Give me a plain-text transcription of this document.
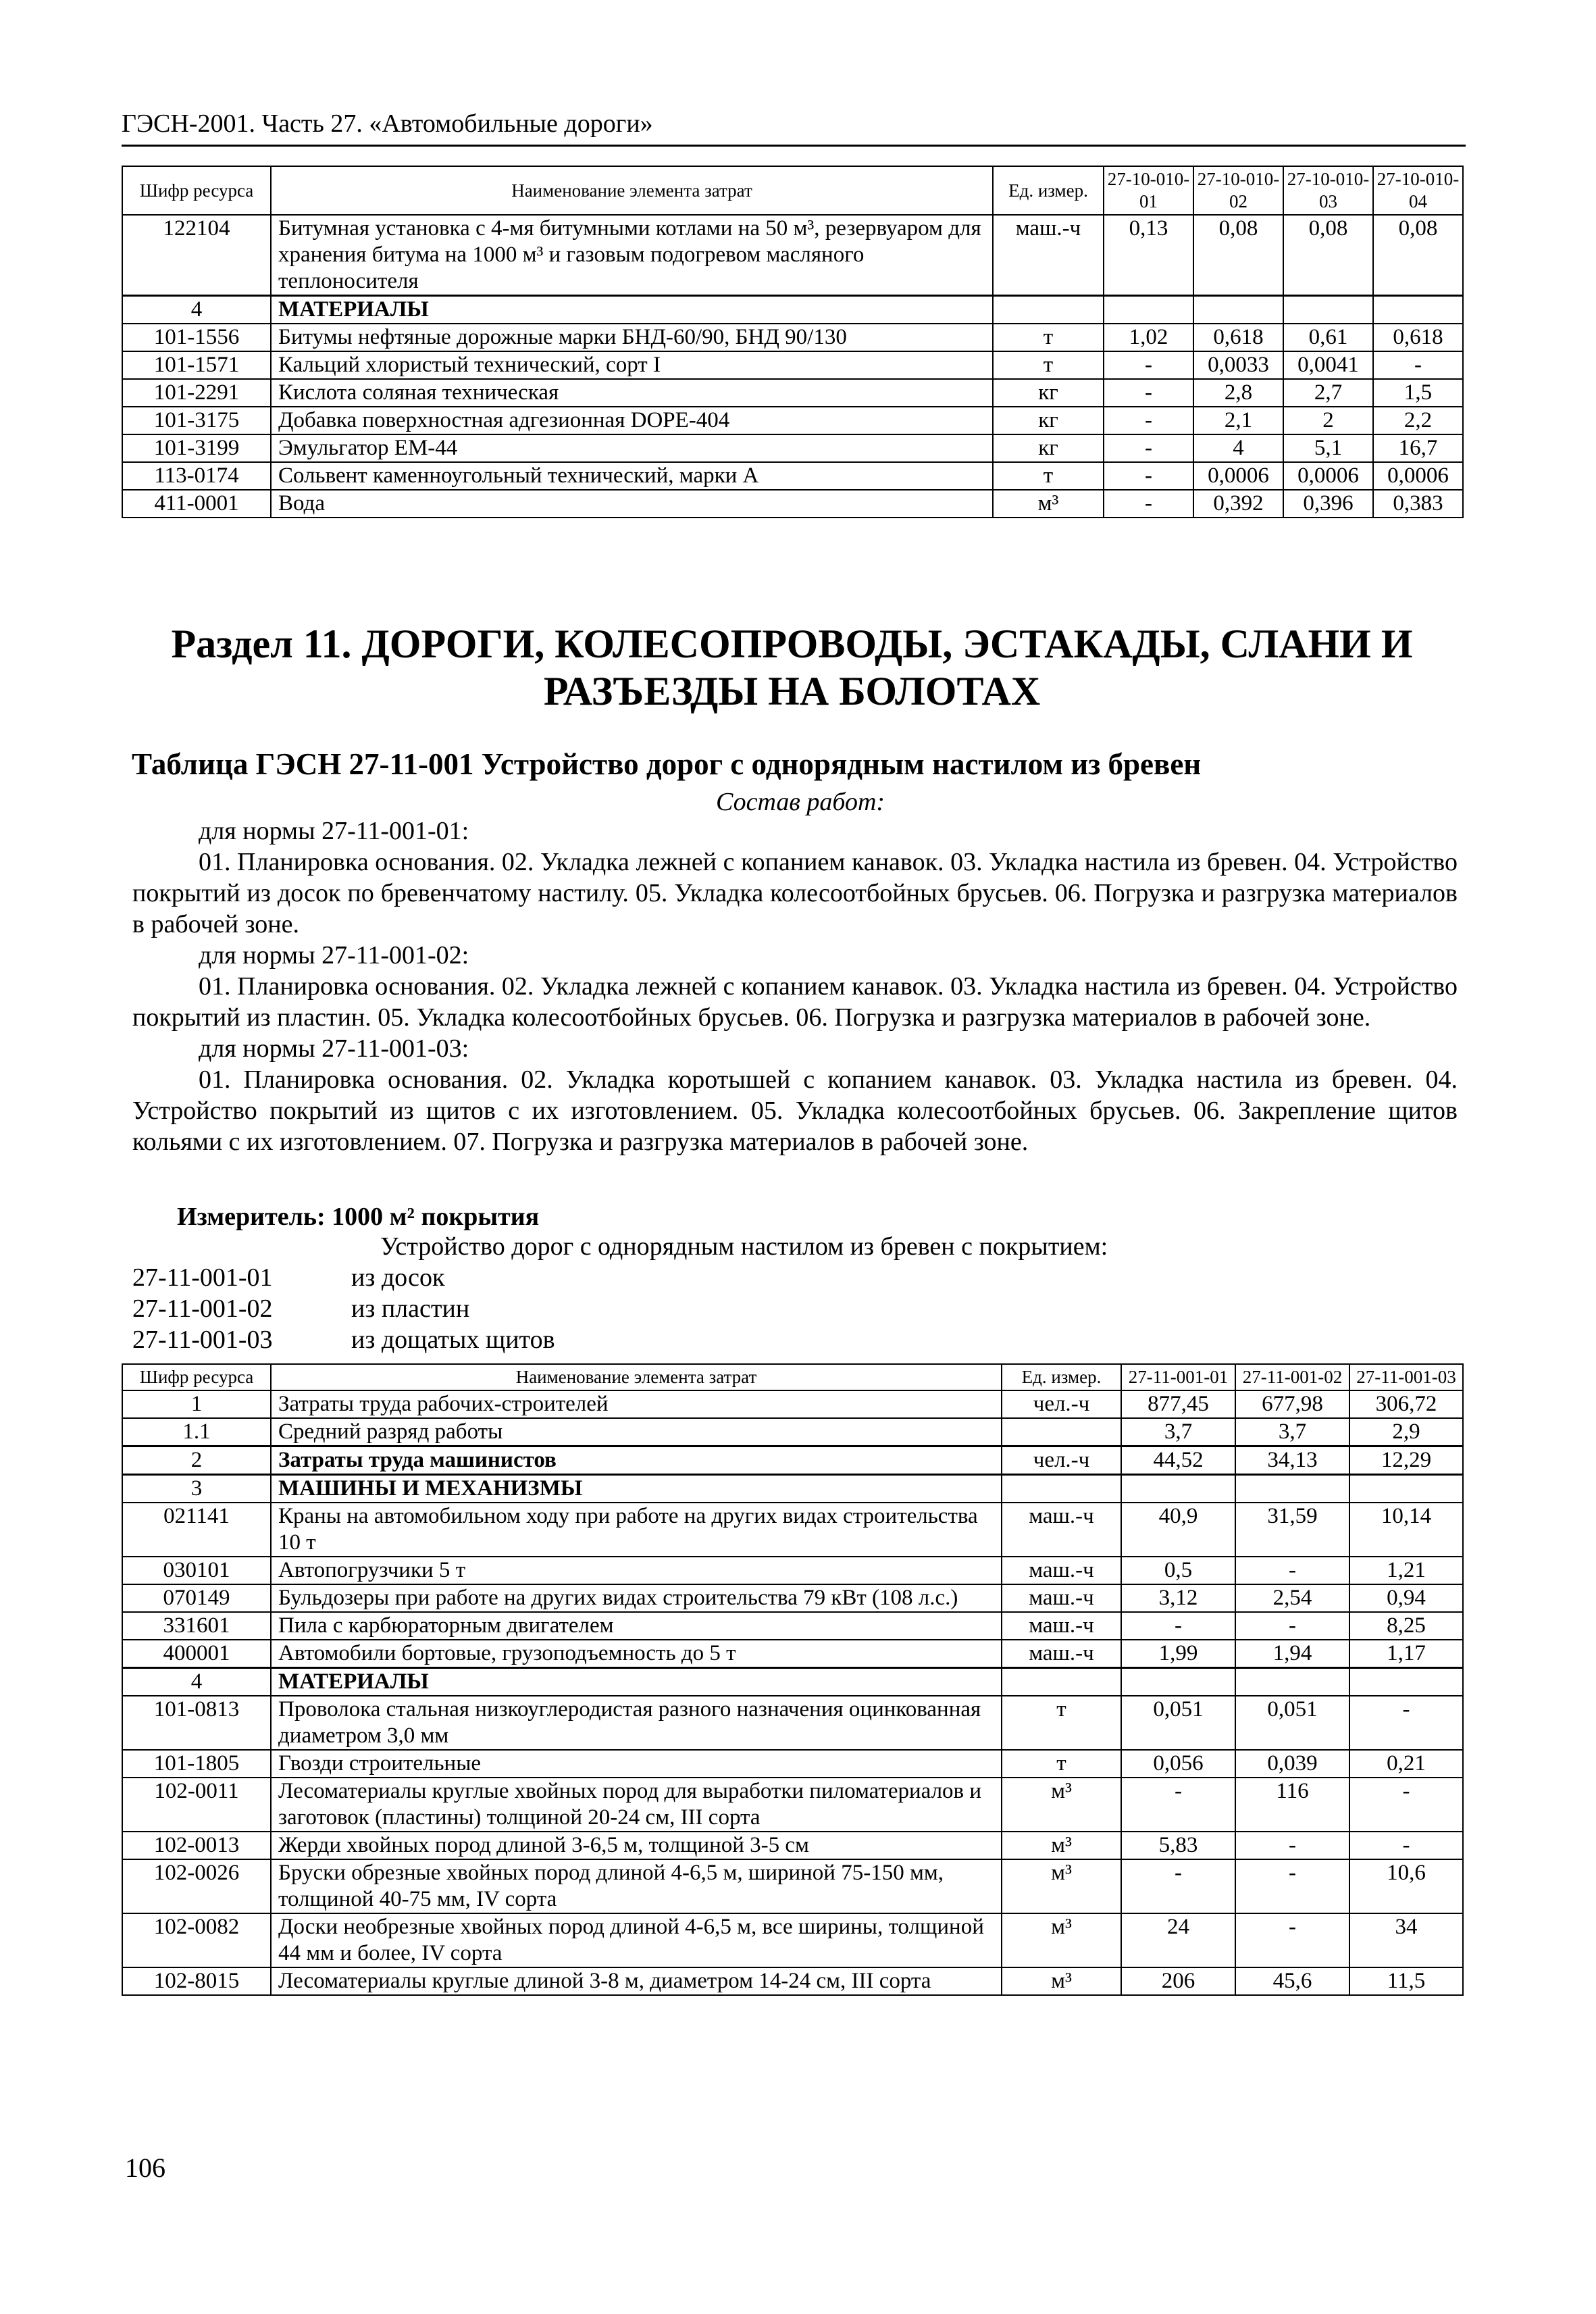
ГЭСН-2001. Часть 27. «Автомобильные дороги»
Шифр ресурса	Наименование элемента затрат	Ед. измер.	27-10-010-01	27-10-010-02	27-10-010-03	27-10-010-04
122104	Битумная установка с 4-мя битумными котлами на 50 м³, резервуаром для хранения битума на 1000 м³ и газовым подогревом масляного теплоносителя	маш.-ч	0,13	0,08	0,08	0,08
4	МАТЕРИАЛЫ					
101-1556	Битумы нефтяные дорожные марки БНД-60/90, БНД 90/130	т	1,02	0,618	0,61	0,618
101-1571	Кальций хлористый технический, сорт I	т	-	0,0033	0,0041	-
101-2291	Кислота соляная техническая	кг	-	2,8	2,7	1,5
101-3175	Добавка поверхностная адгезионная DOPE-404	кг	-	2,1	2	2,2
101-3199	Эмульгатор ЕМ-44	кг	-	4	5,1	16,7
113-0174	Сольвент каменноугольный технический, марки А	т	-	0,0006	0,0006	0,0006
411-0001	Вода	м³	-	0,392	0,396	0,383
Раздел 11. ДОРОГИ, КОЛЕСОПРОВОДЫ, ЭСТАКАДЫ, СЛАНИ И РАЗЪЕЗДЫ НА БОЛОТАХ
Таблица ГЭСН 27-11-001 Устройство дорог с однорядным настилом из бревен
Состав работ:

для нормы 27-11-001-01:

01. Планировка основания. 02. Укладка лежней с копанием канавок. 03. Укладка настила из бревен. 04. Устройство покрытий из досок по бревенчатому настилу. 05. Укладка колесоотбойных брусьев. 06. Погрузка и разгрузка материалов в рабочей зоне.

для нормы 27-11-001-02:

01. Планировка основания. 02. Укладка лежней с копанием канавок. 03. Укладка настила из бревен. 04. Устройство покрытий из пластин. 05. Укладка колесоотбойных брусьев. 06. Погрузка и разгрузка материалов в рабочей зоне.

для нормы 27-11-001-03:

01. Планировка основания. 02. Укладка коротышей с копанием канавок. 03. Укладка настила из бревен. 04. Устройство покрытий из щитов с их изготовлением. 05. Укладка колесоотбойных брусьев. 06. Закрепление щитов кольями с их изготовлением. 07. Погрузка и разгрузка материалов в рабочей зоне.

Измеритель: 1000 м² покрытия
Устройство дорог с однорядным настилом из бревен с покрытием:
27-11-001-01	из досок
27-11-001-02	из пластин
27-11-001-03	из дощатых щитов
Шифр ресурса	Наименование элемента затрат	Ед. измер.	27-11-001-01	27-11-001-02	27-11-001-03
1	Затраты труда рабочих-строителей	чел.-ч	877,45	677,98	306,72
1.1	Средний разряд работы		3,7	3,7	2,9
2	Затраты труда машинистов	чел.-ч	44,52	34,13	12,29
3	МАШИНЫ И МЕХАНИЗМЫ				
021141	Краны на автомобильном ходу при работе на других видах строительства 10 т	маш.-ч	40,9	31,59	10,14
030101	Автопогрузчики 5 т	маш.-ч	0,5	-	1,21
070149	Бульдозеры при работе на других видах строительства 79 кВт (108 л.с.)	маш.-ч	3,12	2,54	0,94
331601	Пила с карбюраторным двигателем	маш.-ч	-	-	8,25
400001	Автомобили бортовые, грузоподъемность до 5 т	маш.-ч	1,99	1,94	1,17
4	МАТЕРИАЛЫ				
101-0813	Проволока стальная низкоуглеродистая разного назначения оцинкованная диаметром 3,0 мм	т	0,051	0,051	-
101-1805	Гвозди строительные	т	0,056	0,039	0,21
102-0011	Лесоматериалы круглые хвойных пород для выработки пиломатериалов и заготовок (пластины) толщиной 20-24 см, III сорта	м³	-	116	-
102-0013	Жерди хвойных пород длиной 3-6,5 м, толщиной 3-5 см	м³	5,83	-	-
102-0026	Бруски обрезные хвойных пород длиной 4-6,5 м, шириной 75-150 мм, толщиной 40-75 мм, IV сорта	м³	-	-	10,6
102-0082	Доски необрезные хвойных пород длиной 4-6,5 м, все ширины, толщиной 44 мм и более, IV сорта	м³	24	-	34
102-8015	Лесоматериалы круглые длиной 3-8 м, диаметром 14-24 см, III сорта	м³	206	45,6	11,5
106
